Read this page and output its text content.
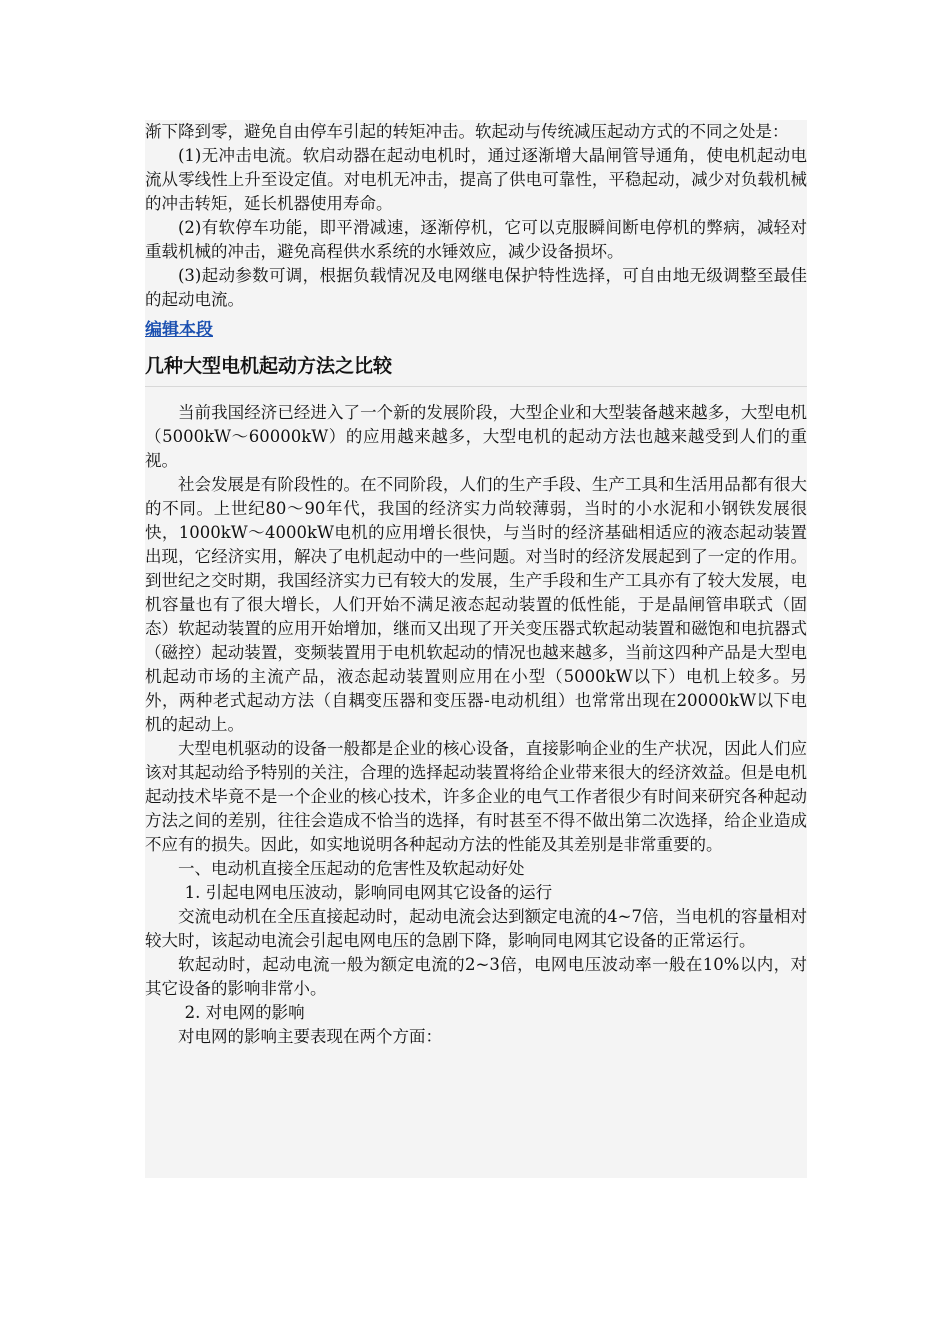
渐下降到零，避免自由停车引起的转矩冲击。软起动与传统减压起动方式的不同之处是：

(1)无冲击电流。软启动器在起动电机时，通过逐渐增大晶闸管导通角，使电机起动电流从零线性上升至设定值。对电机无冲击，提高了供电可靠性，平稳起动，减少对负载机械的冲击转矩，延长机器使用寿命。

(2)有软停车功能，即平滑减速，逐渐停机，它可以克服瞬间断电停机的弊病，减轻对重载机械的冲击，避免高程供水系统的水锤效应，减少设备损坏。

(3)起动参数可调，根据负载情况及电网继电保护特性选择，可自由地无级调整至最佳的起动电流。

编辑本段
几种大型电机起动方法之比较

当前我国经济已经进入了一个新的发展阶段，大型企业和大型装备越来越多，大型电机（5000kW～60000kW）的应用越来越多，大型电机的起动方法也越来越受到人们的重视。

社会发展是有阶段性的。在不同阶段，人们的生产手段、生产工具和生活用品都有很大的不同。上世纪80～90年代，我国的经济实力尚较薄弱，当时的小水泥和小钢铁发展很快，1000kW～4000kW电机的应用增长很快，与当时的经济基础相适应的液态起动装置出现，它经济实用，解决了电机起动中的一些问题。对当时的经济发展起到了一定的作用。到世纪之交时期，我国经济实力已有较大的发展，生产手段和生产工具亦有了较大发展，电机容量也有了很大增长，人们开始不满足液态起动装置的低性能，于是晶闸管串联式（固态）软起动装置的应用开始增加，继而又出现了开关变压器式软起动装置和磁饱和电抗器式（磁控）起动装置，变频装置用于电机软起动的情况也越来越多，当前这四种产品是大型电机起动市场的主流产品，液态起动装置则应用在小型（5000kW以下）电机上较多。另外，两种老式起动方法（自耦变压器和变压器-电动机组）也常常出现在20000kW以下电机的起动上。

大型电机驱动的设备一般都是企业的核心设备，直接影响企业的生产状况，因此人们应该对其起动给予特别的关注，合理的选择起动装置将给企业带来很大的经济效益。但是电机起动技术毕竟不是一个企业的核心技术，许多企业的电气工作者很少有时间来研究各种起动方法之间的差别，往往会造成不恰当的选择，有时甚至不得不做出第二次选择，给企业造成不应有的损失。因此，如实地说明各种起动方法的性能及其差别是非常重要的。

一、电动机直接全压起动的危害性及软起动好处

1. 引起电网电压波动，影响同电网其它设备的运行

交流电动机在全压直接起动时，起动电流会达到额定电流的4~7倍，当电机的容量相对较大时，该起动电流会引起电网电压的急剧下降，影响同电网其它设备的正常运行。

软起动时，起动电流一般为额定电流的2~3倍，电网电压波动率一般在10%以内，对其它设备的影响非常小。

2. 对电网的影响

对电网的影响主要表现在两个方面：
